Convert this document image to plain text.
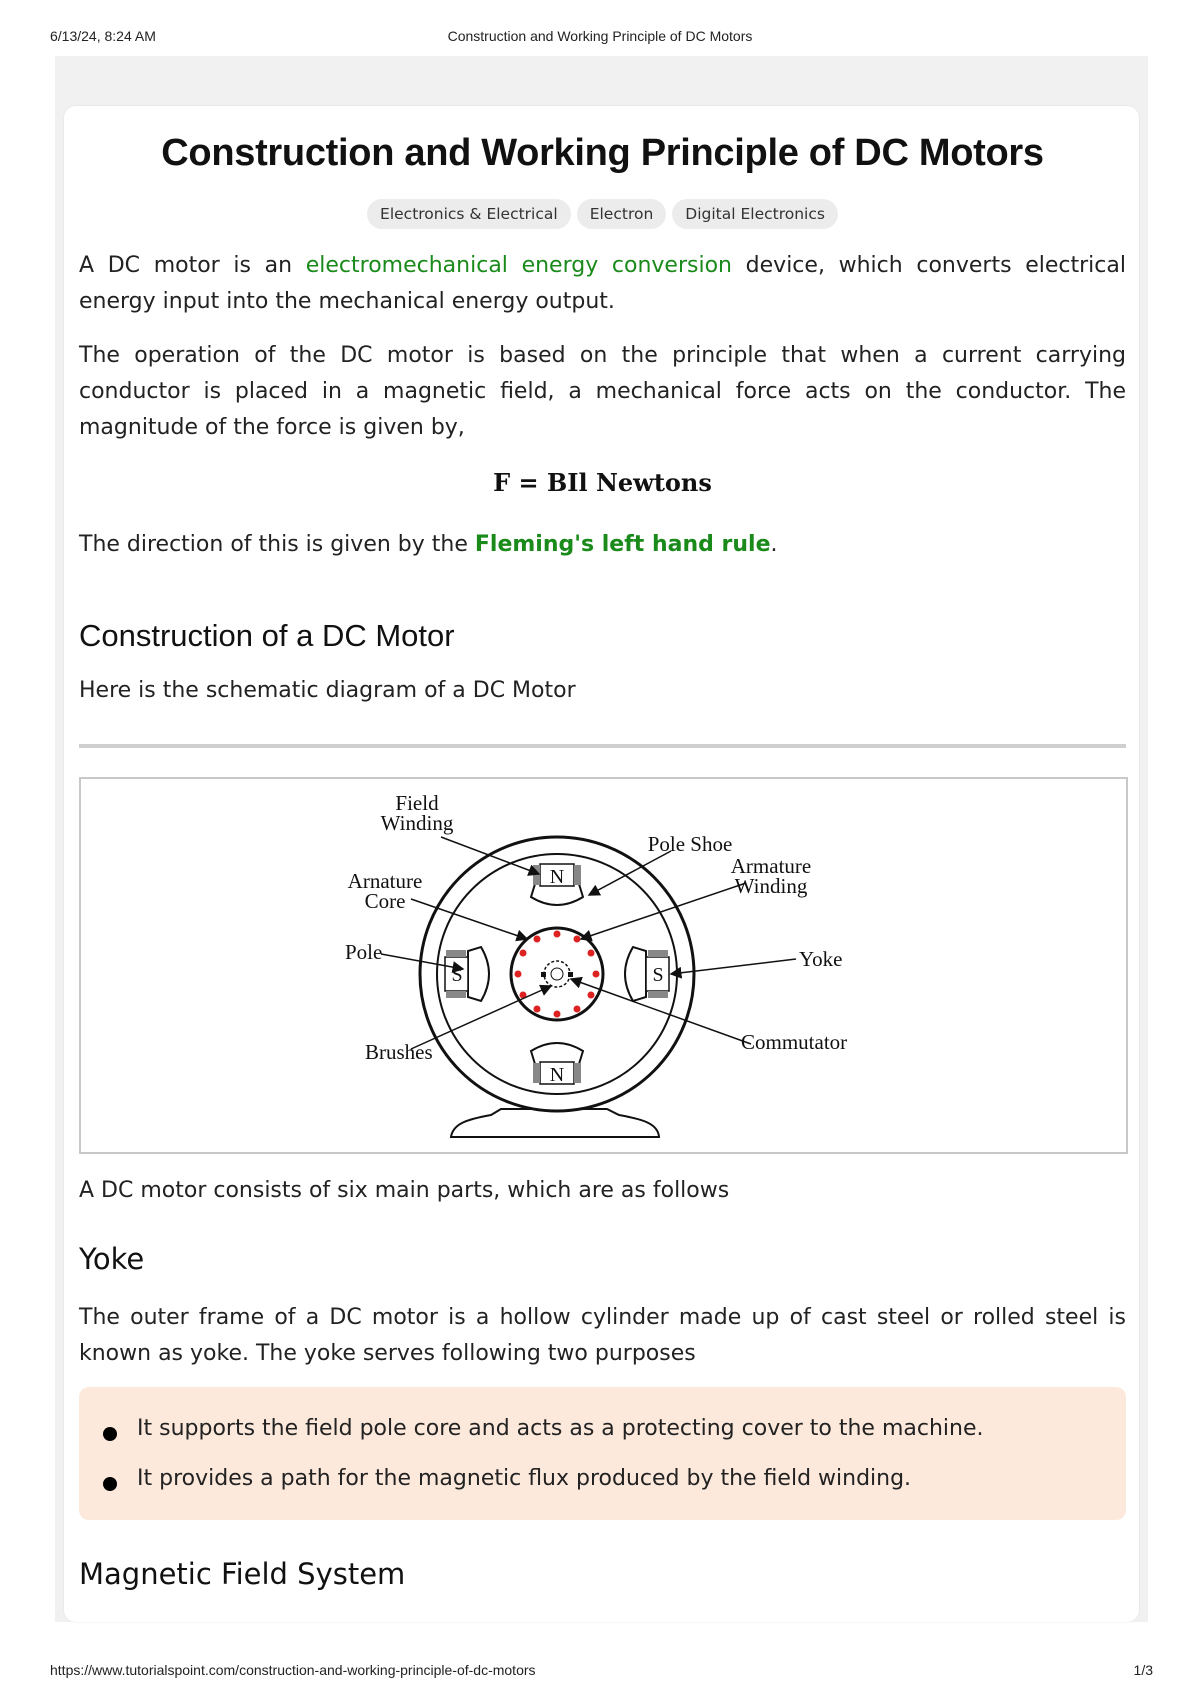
6/13/24, 8:24 AM	Construction and Working Principle of DC Motors
Construction and Working Principle of DC Motors
Electronics & Electrical Electron Digital Electronics

A DC motor is an electromechanical energy conversion device, which converts electrical energy input into the mechanical energy output.

The operation of the DC motor is based on the principle that when a current carrying conductor is placed in a magnetic field, a mechanical force acts on the conductor. The magnitude of the force is given by,

F = BIl Newtons

The direction of this is given by the Fleming's left hand rule.

Construction of a DC Motor

Here is the schematic diagram of a DC Motor

N
N
S	S
Field
Winding
Pole Shoe
Armature
Winding
Arnature
Core
Pole	Yoke
Brushes	Commutator

A DC motor consists of six main parts, which are as follows

Yoke

The outer frame of a DC motor is a hollow cylinder made up of cast steel or rolled steel is known as yoke. The yoke serves following two purposes

It supports the field pole core and acts as a protecting cover to the machine.
It provides a path for the magnetic flux produced by the field winding.
Magnetic Field System
https://www.tutorialspoint.com/construction-and-working-principle-of-dc-motors	1/3
